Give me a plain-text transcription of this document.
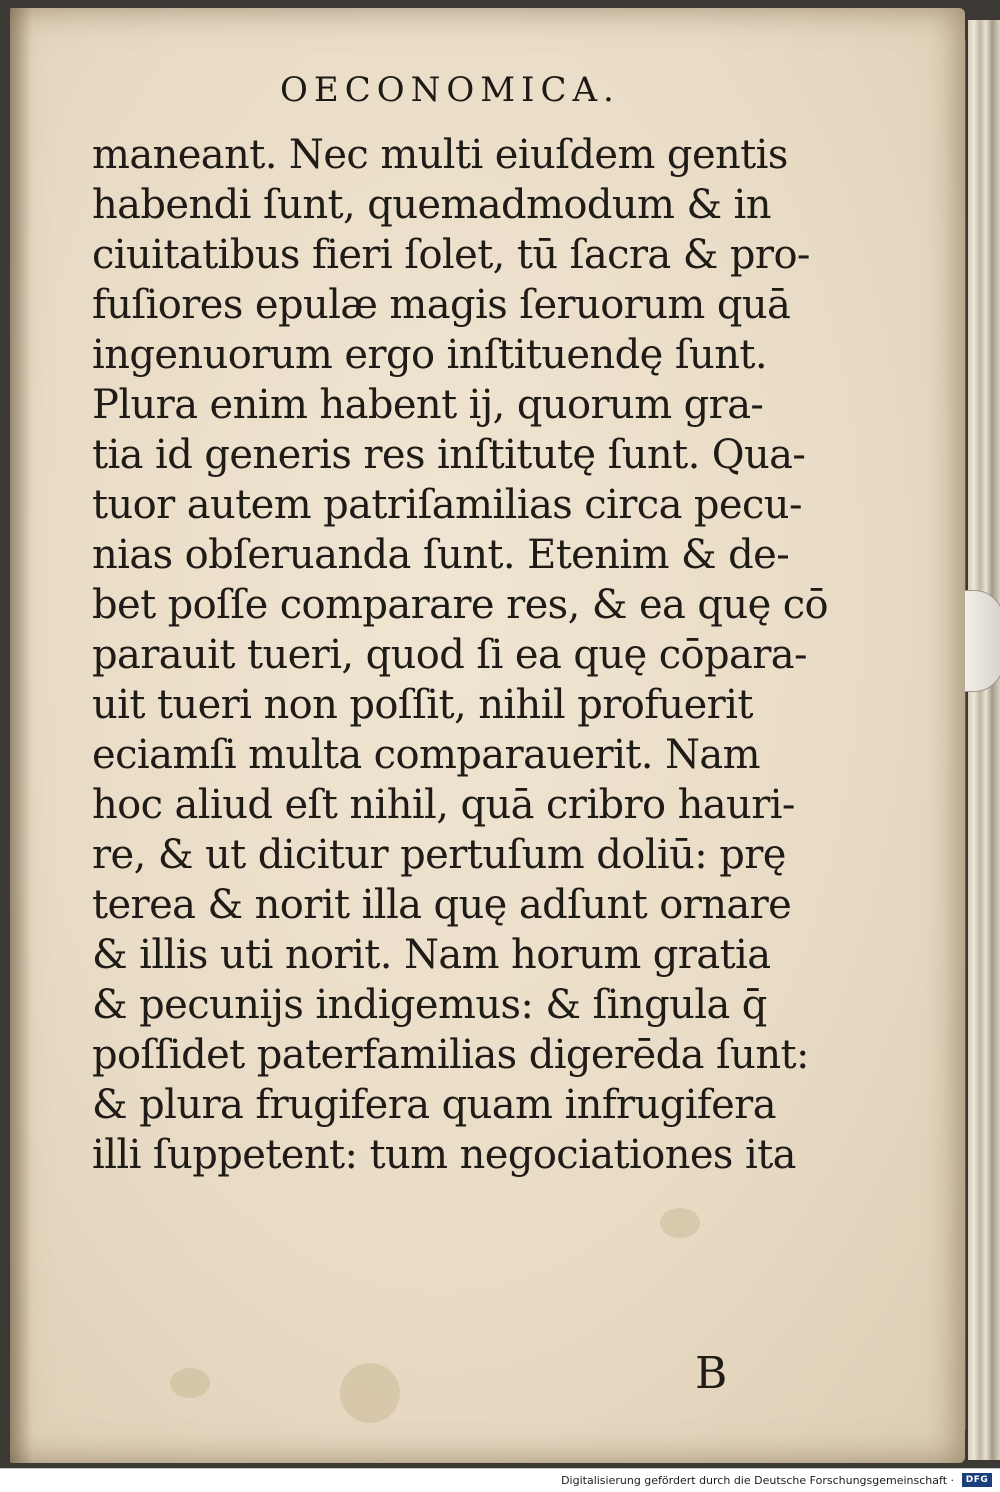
OECONOMICA.
maneant. Nec multi eiuſdem gentis
habendi ſunt, quemadmodum & in
ciuitatibus fieri ſolet, tū ſacra & pro-
fuſiores epulæ magis ſeruorum quā
ingenuorum ergo inſtituendę ſunt.
Plura enim habent ij, quorum gra-
tia id generis res inſtitutę ſunt. Qua-
tuor autem patriſamilias circa pecu-
nias obſeruanda ſunt. Etenim & de-
bet poſſe comparare res, & ea quę cō
parauit tueri, quod ſi ea quę cōpara-
uit tueri non poſſit, nihil profuerit
eciamſi multa comparauerit. Nam
hoc aliud eſt nihil, quā cribro hauri-
re, & ut dicitur pertuſum doliū: prę
terea & norit illa quę adſunt ornare
& illis uti norit. Nam horum gratia
& pecunijs indigemus: & ſingula q̄
poſſidet paterfamilias digerēda ſunt:
& plura frugifera quam infrugifera
illi ſuppetent: tum negociationes ita
B
Digitalisierung gefördert durch die Deutsche Forschungsgemeinschaft ·	DFG
